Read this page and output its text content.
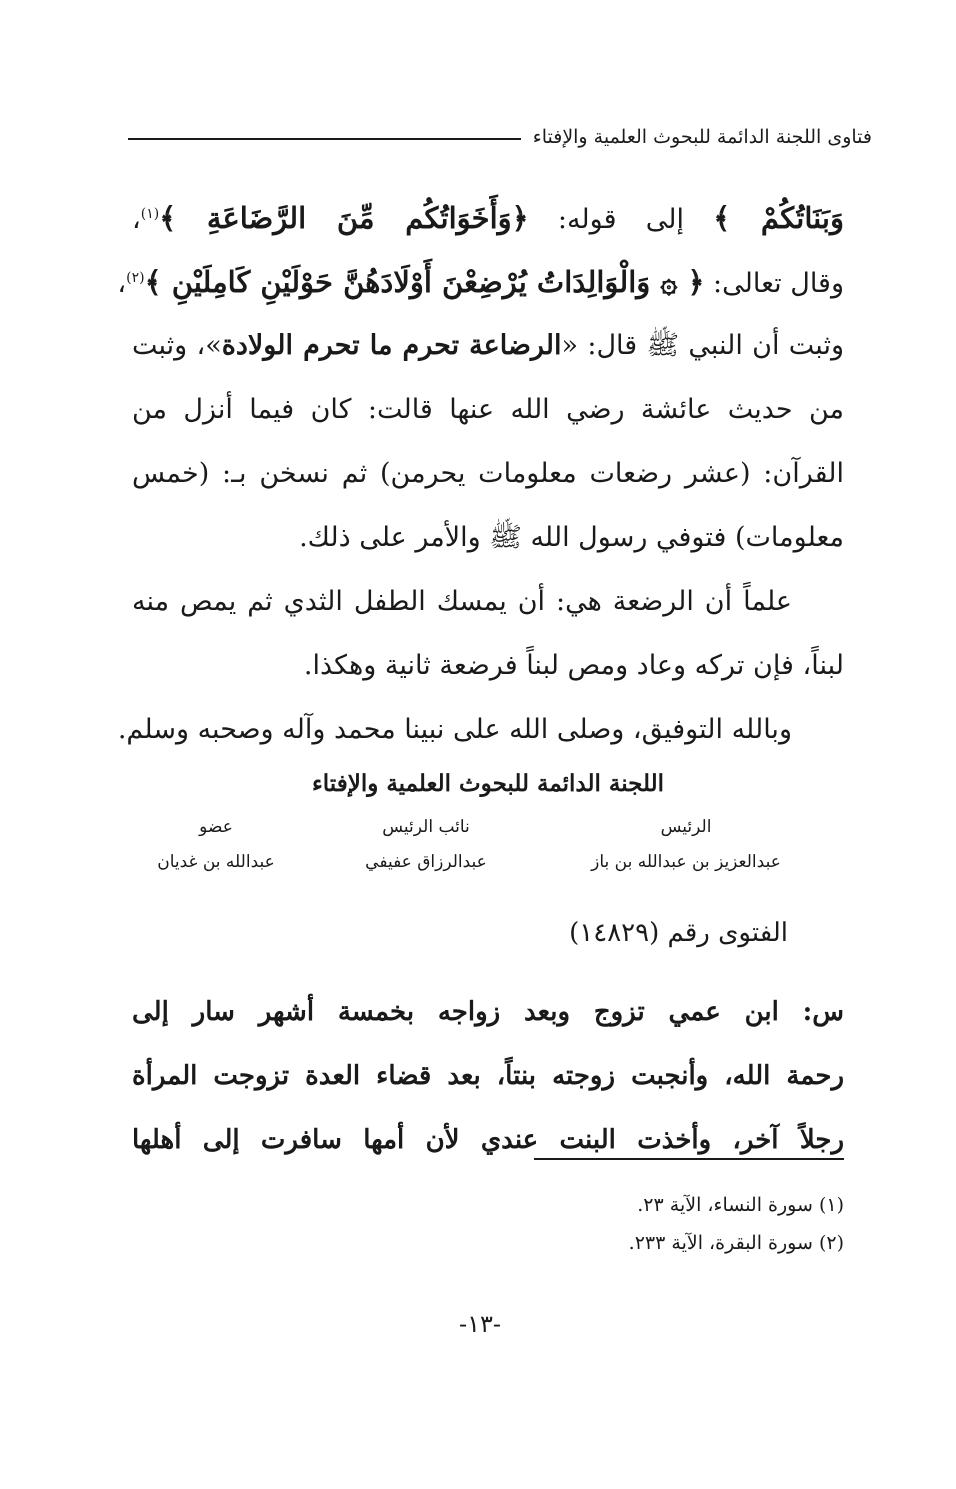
فتاوى اللجنة الدائمة للبحوث العلمية والإفتاء
وَبَنَاتُكُمْ ﴾ إلى قوله: ﴿وَأَخَوَاتُكُم مِّنَ الرَّضَاعَةِ ﴾$^{(١)}$،
وقال تعالى: ﴿ ۞ وَالْوَالِدَاتُ يُرْضِعْنَ أَوْلَادَهُنَّ حَوْلَيْنِ كَامِلَيْنِ ﴾$^{(٢)}$،
وثبت أن النبي ﷺ قال: «الرضاعة تحرم ما تحرم الولادة»، وثبت
من حديث عائشة رضي الله عنها قالت: كان فيما أنزل من
القرآن: (عشر رضعات معلومات يحرمن) ثم نسخن بـ: (خمس
معلومات) فتوفي رسول الله ﷺ والأمر على ذلك.
علماً أن الرضعة هي: أن يمسك الطفل الثدي ثم يمص منه
لبناً، فإن تركه وعاد ومص لبناً فرضعة ثانية وهكذا.
وبالله التوفيق، وصلى الله على نبينا محمد وآله وصحبه وسلم.
اللجنة الدائمة للبحوث العلمية والإفتاء
الرئيس
عبدالعزيز بن عبدالله بن باز
نائب الرئيس
عبدالرزاق عفيفي
عضو
عبدالله بن غديان
الفتوى رقم (١٤٨٢٩)
س: ابن عمي تزوج وبعد زواجه بخمسة أشهر سار إلى
رحمة الله، وأنجبت زوجته بنتاً، بعد قضاء العدة تزوجت المرأة
رجلاً آخر، وأخذت البنت عندي لأن أمها سافرت إلى أهلها
(١) سورة النساء، الآية ٢٣.
(٢) سورة البقرة، الآية ٢٣٣.
-١٣-
